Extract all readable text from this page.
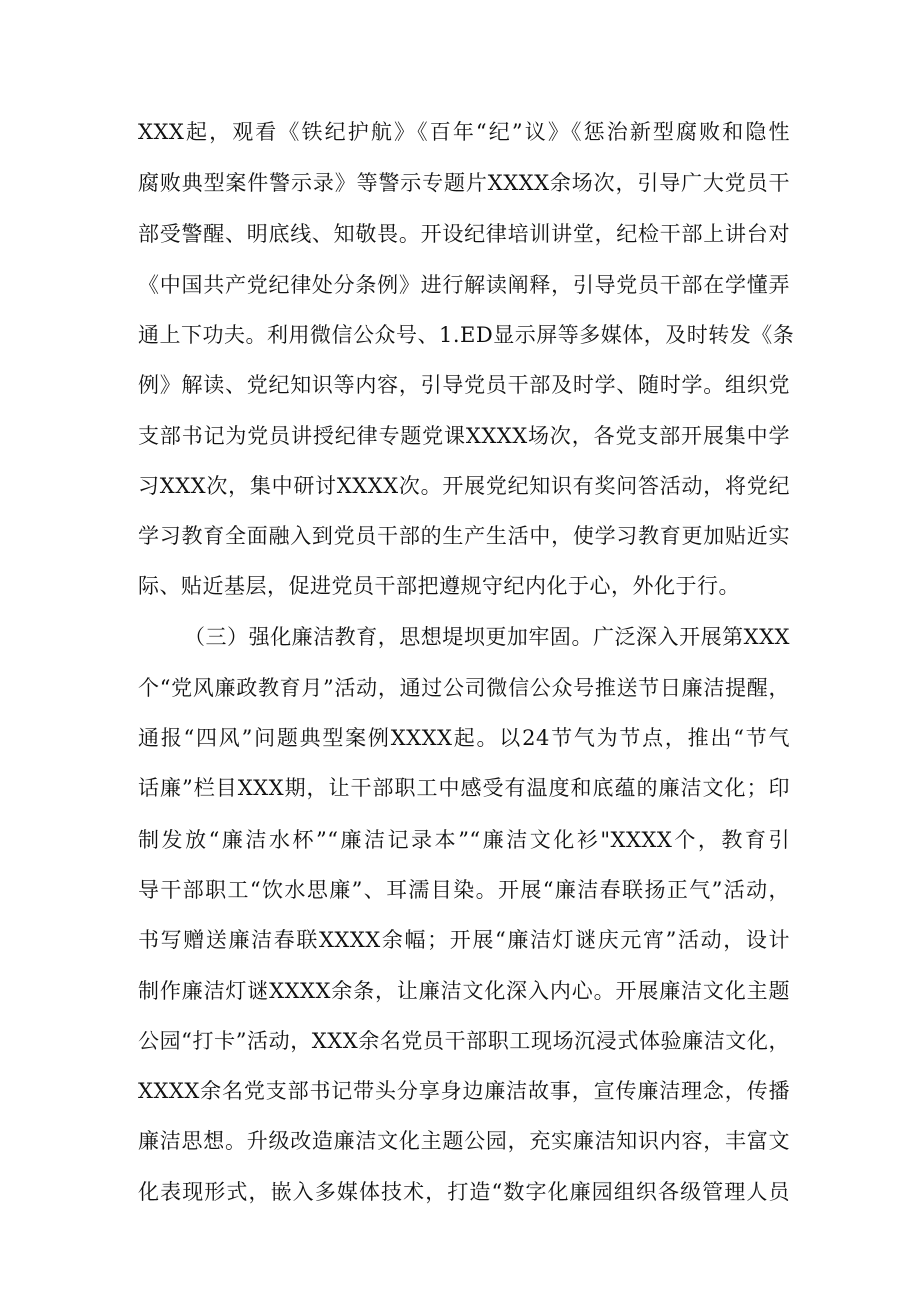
XXX起，观看《铁纪护航》《百年“纪”议》《惩治新型腐败和隐性
腐败典型案件警示录》等警示专题片XXXX余场次，引导广大党员干
部受警醒、明底线、知敬畏。开设纪律培训讲堂，纪检干部上讲台对
《中国共产党纪律处分条例》进行解读阐释，引导党员干部在学懂弄
通上下功夫。利用微信公众号、1.ED显示屏等多媒体，及时转发《条
例》解读、党纪知识等内容，引导党员干部及时学、随时学。组织党
支部书记为党员讲授纪律专题党课XXXX场次，各党支部开展集中学
习XXX次，集中研讨XXXX次。开展党纪知识有奖问答活动，将党纪
学习教育全面融入到党员干部的生产生活中，使学习教育更加贴近实
际、贴近基层，促进党员干部把遵规守纪内化于心，外化于行。
（三）强化廉洁教育，思想堤坝更加牢固。广泛深入开展第XXX
个“党风廉政教育月”活动，通过公司微信公众号推送节日廉洁提醒，
通报“四风”问题典型案例XXXX起。以24节气为节点，推出“节气
话廉”栏目XXX期，让干部职工中感受有温度和底蕴的廉洁文化；印
制发放“廉洁水杯”“廉洁记录本”“廉洁文化衫"XXXX个，教育引
导干部职工“饮水思廉”、耳濡目染。开展“廉洁春联扬正气”活动，
书写赠送廉洁春联XXXX余幅；开展“廉洁灯谜庆元宵”活动，设计
制作廉洁灯谜XXXX余条，让廉洁文化深入内心。开展廉洁文化主题
公园“打卡”活动，XXX余名党员干部职工现场沉浸式体验廉洁文化，
XXXX余名党支部书记带头分享身边廉洁故事，宣传廉洁理念，传播
廉洁思想。升级改造廉洁文化主题公园，充实廉洁知识内容，丰富文
化表现形式，嵌入多媒体技术，打造“数字化廉园组织各级管理人员
